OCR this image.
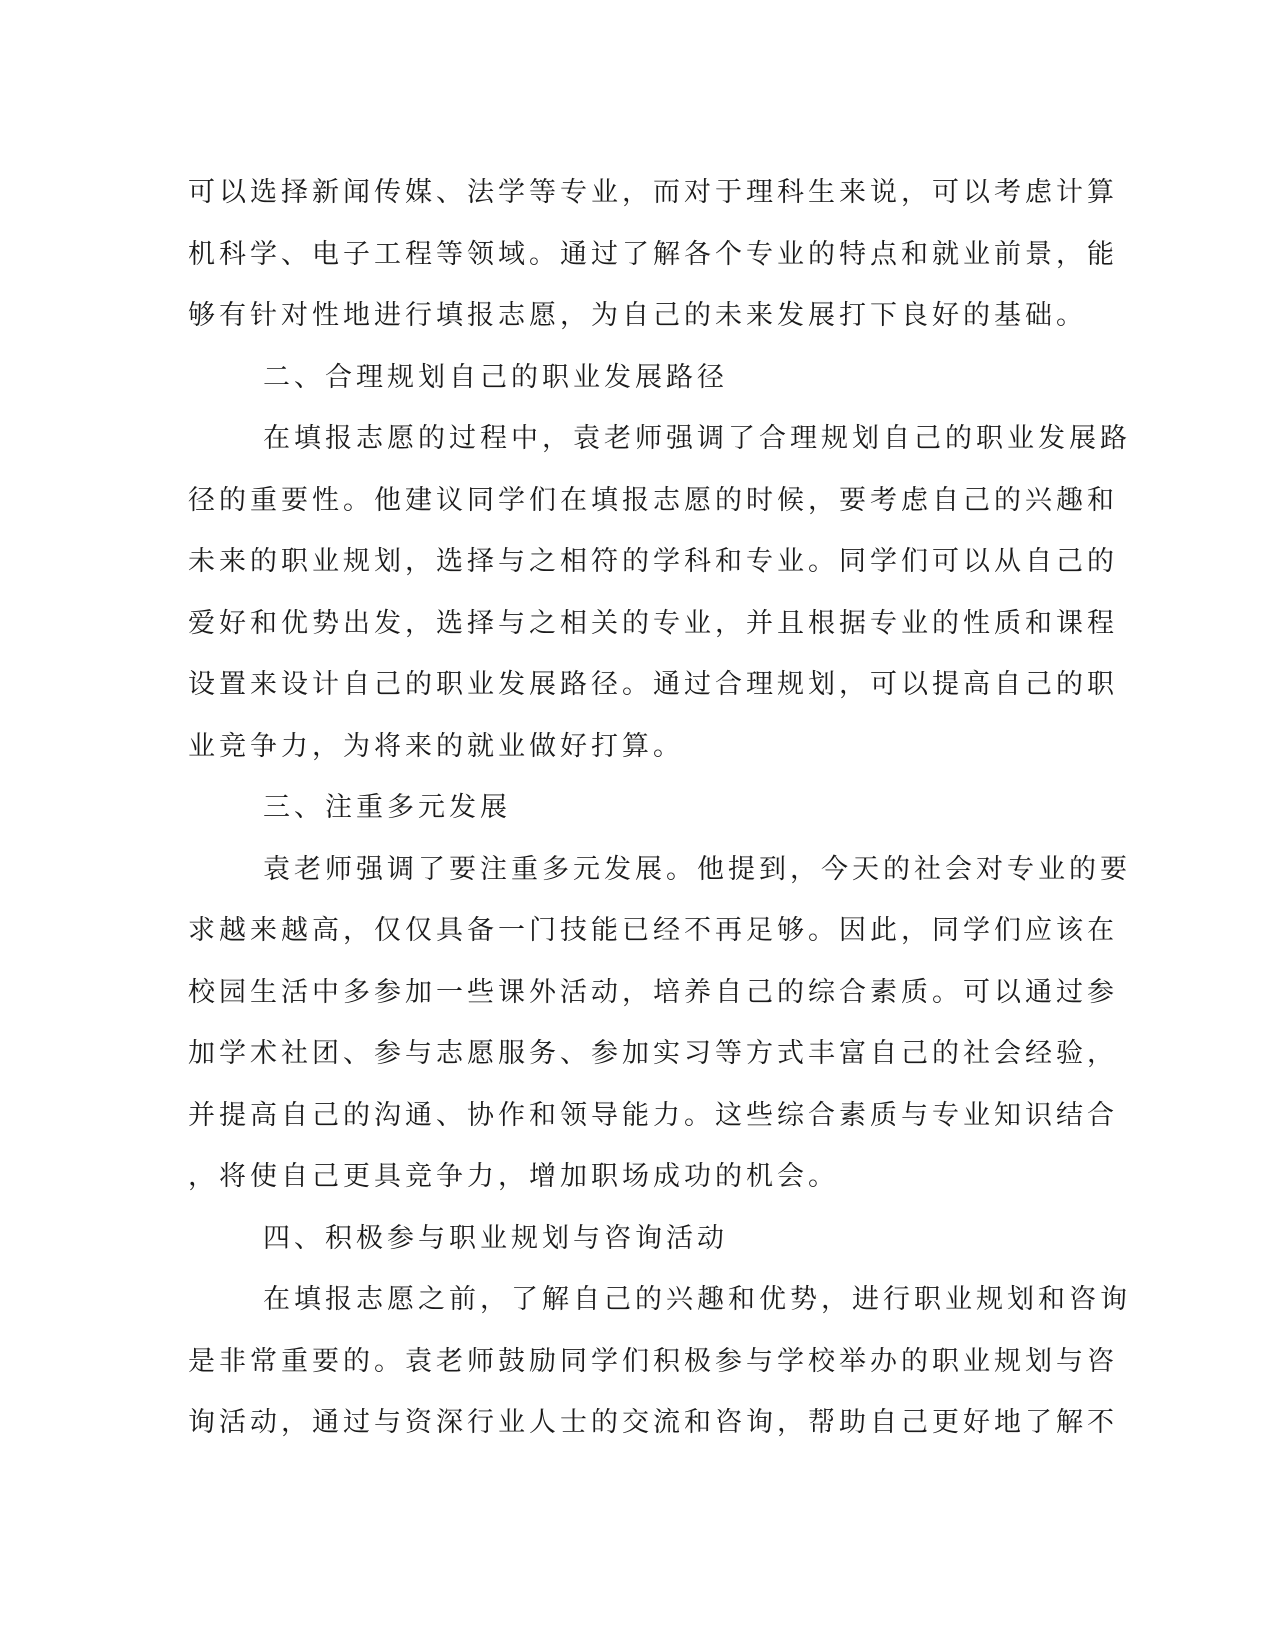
可以选择新闻传媒、法学等专业，而对于理科生来说，可以考虑计算
机科学、电子工程等领域。通过了解各个专业的特点和就业前景，能
够有针对性地进行填报志愿，为自己的未来发展打下良好的基础。
二、合理规划自己的职业发展路径
在填报志愿的过程中，袁老师强调了合理规划自己的职业发展路
径的重要性。他建议同学们在填报志愿的时候，要考虑自己的兴趣和
未来的职业规划，选择与之相符的学科和专业。同学们可以从自己的
爱好和优势出发，选择与之相关的专业，并且根据专业的性质和课程
设置来设计自己的职业发展路径。通过合理规划，可以提高自己的职
业竞争力，为将来的就业做好打算。
三、注重多元发展
袁老师强调了要注重多元发展。他提到，今天的社会对专业的要
求越来越高，仅仅具备一门技能已经不再足够。因此，同学们应该在
校园生活中多参加一些课外活动，培养自己的综合素质。可以通过参
加学术社团、参与志愿服务、参加实习等方式丰富自己的社会经验，
并提高自己的沟通、协作和领导能力。这些综合素质与专业知识结合
，将使自己更具竞争力，增加职场成功的机会。
四、积极参与职业规划与咨询活动
在填报志愿之前，了解自己的兴趣和优势，进行职业规划和咨询
是非常重要的。袁老师鼓励同学们积极参与学校举办的职业规划与咨
询活动，通过与资深行业人士的交流和咨询，帮助自己更好地了解不
